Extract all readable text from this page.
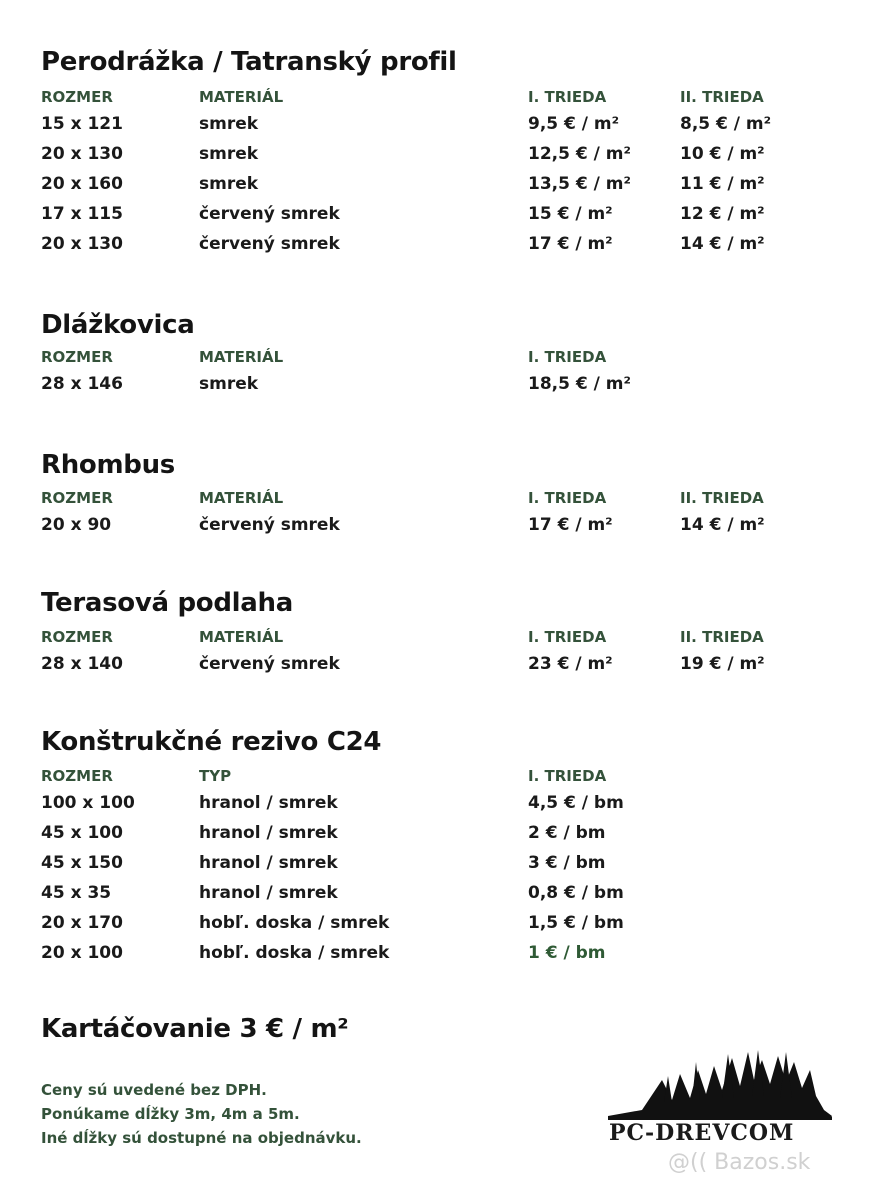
Perodrážka / Tatranský profil
ROZMER	MATERIÁL	I. TRIEDA	II. TRIEDA
15 x 121	smrek	9,5 € / m²	8,5 € / m²
20 x 130	smrek	12,5 € / m²	10 € / m²
20 x 160	smrek	13,5 € / m²	11 € / m²
17 x 115	červený smrek	15 € / m²	12 € / m²
20 x 130	červený smrek	17 € / m²	14 € / m²
Dlážkovica
ROZMER	MATERIÁL	I. TRIEDA
28 x 146	smrek	18,5 € / m²
Rhombus
ROZMER	MATERIÁL	I. TRIEDA	II. TRIEDA
20 x 90	červený smrek	17 € / m²	14 € / m²
Terasová podlaha
ROZMER	MATERIÁL	I. TRIEDA	II. TRIEDA
28 x 140	červený smrek	23 € / m²	19 € / m²
Konštrukčné rezivo C24
ROZMER	TYP	I. TRIEDA
100 x 100	hranol / smrek	4,5 € / bm
45 x 100	hranol / smrek	2 € / bm
45 x 150	hranol / smrek	3 € / bm
45 x 35	hranol / smrek	0,8 € / bm
20 x 170	hobľ. doska / smrek	1,5 € / bm
20 x 100	hobľ. doska / smrek	1 € / bm
Kartáčovanie 3 € / m²
Ceny sú uvedené bez DPH.
Ponúkame dĺžky 3m, 4m a 5m.
Iné dĺžky sú dostupné na objednávku.	PC-DREVCOM
@(( Bazos.sk
